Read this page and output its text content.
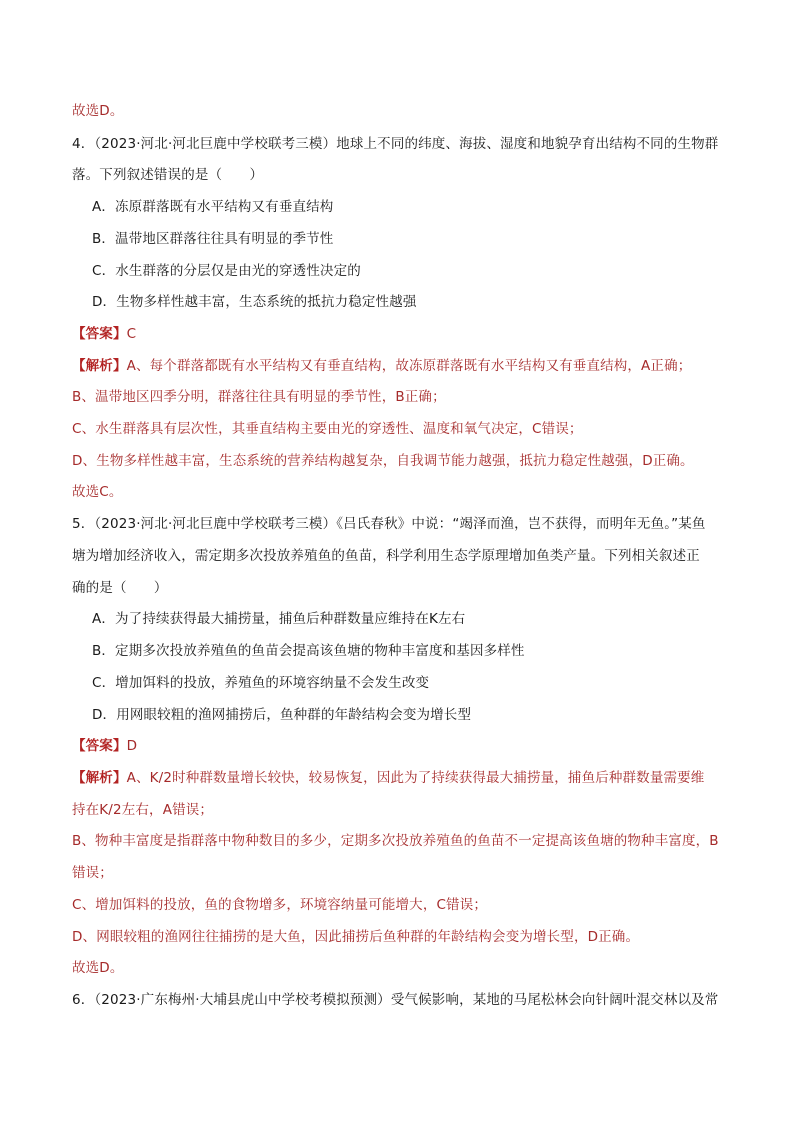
故选D。
4．（2023·河北·河北巨鹿中学校联考三模）地球上不同的纬度、海拔、湿度和地貌孕育出结构不同的生物群
落。下列叙述错误的是（　　）
A．冻原群落既有水平结构又有垂直结构
B．温带地区群落往往具有明显的季节性
C．水生群落的分层仅是由光的穿透性决定的
D．生物多样性越丰富，生态系统的抵抗力稳定性越强
【答案】C
【解析】A、每个群落都既有水平结构又有垂直结构，故冻原群落既有水平结构又有垂直结构，A正确；
B、温带地区四季分明，群落往往具有明显的季节性，B正确；
C、水生群落具有层次性，其垂直结构主要由光的穿透性、温度和氧气决定，C错误；
D、生物多样性越丰富，生态系统的营养结构越复杂，自我调节能力越强，抵抗力稳定性越强，D正确。
故选C。
5．（2023·河北·河北巨鹿中学校联考三模）《吕氏春秋》中说：“竭泽而渔，岂不获得，而明年无鱼。”某鱼
塘为增加经济收入，需定期多次投放养殖鱼的鱼苗，科学利用生态学原理增加鱼类产量。下列相关叙述正
确的是（　　）
A．为了持续获得最大捕捞量，捕鱼后种群数量应维持在K左右
B．定期多次投放养殖鱼的鱼苗会提高该鱼塘的物种丰富度和基因多样性
C．增加饵料的投放，养殖鱼的环境容纳量不会发生改变
D．用网眼较粗的渔网捕捞后，鱼种群的年龄结构会变为增长型
【答案】D
【解析】A、K/2时种群数量增长较快，较易恢复，因此为了持续获得最大捕捞量，捕鱼后种群数量需要维
持在K/2左右，A错误；
B、物种丰富度是指群落中物种数目的多少，定期多次投放养殖鱼的鱼苗不一定提高该鱼塘的物种丰富度，B
错误；
C、增加饵料的投放，鱼的食物增多，环境容纳量可能增大，C错误；
D、网眼较粗的渔网往往捕捞的是大鱼，因此捕捞后鱼种群的年龄结构会变为增长型，D正确。
故选D。
6．（2023·广东梅州·大埔县虎山中学校考模拟预测）受气候影响，某地的马尾松林会向针阔叶混交林以及常
